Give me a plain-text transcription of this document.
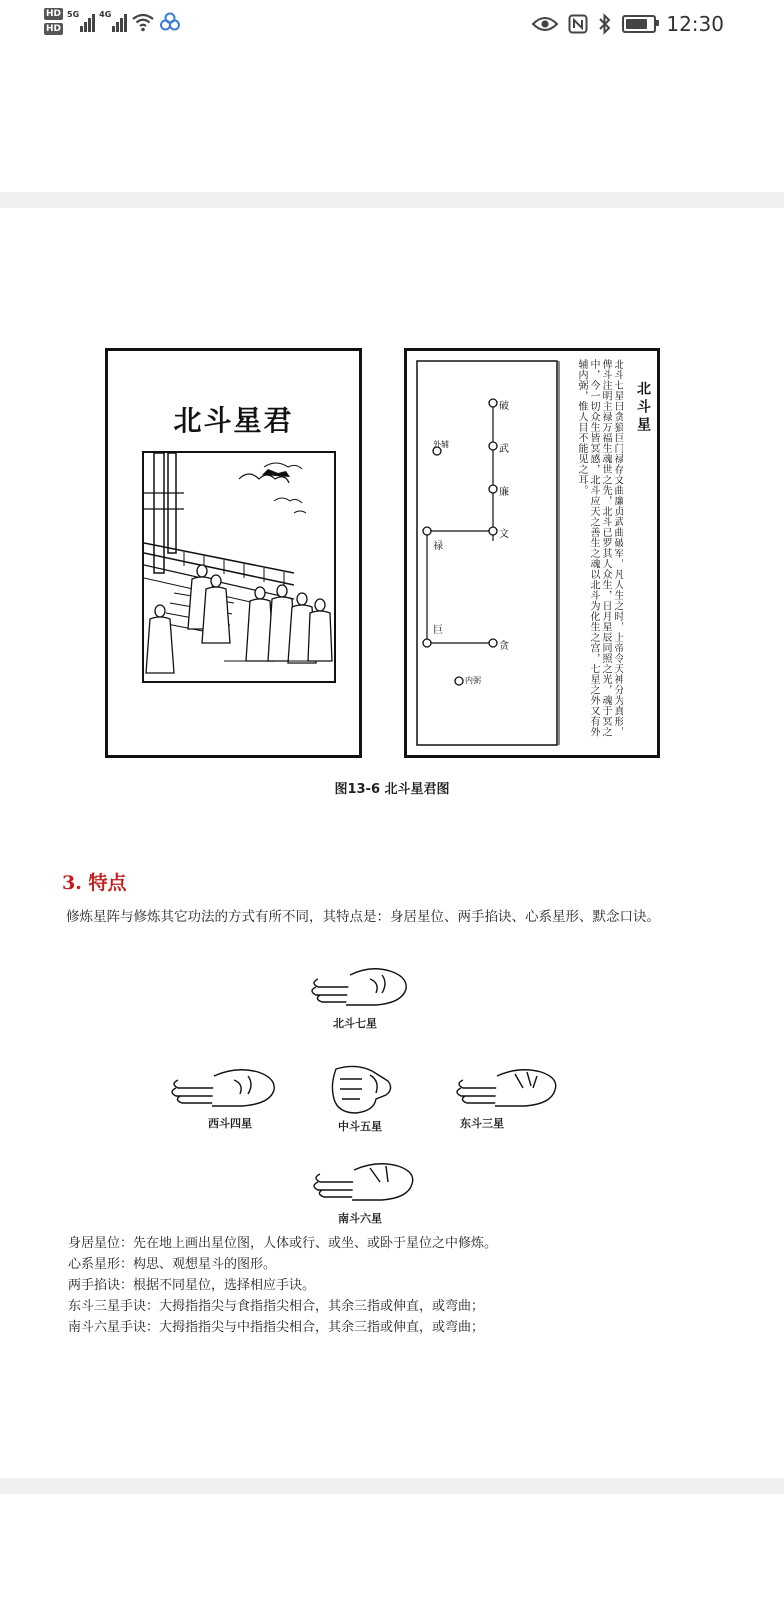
HD
HD
5G	4G	12:30
北斗星君	破
武
廉
文
禄
巨
贪
外辅
内弼
北斗星
北斗七星曰贪狼巨门禄存文曲廉贞武曲破军，凡人生之时，上帝令天神分为真形，俾斗注明主禄万福生魂世之先，北斗已罗其人众生，日月星辰同照之光，魂于冥之中，今一切众生皆冥感，北斗应天之善生之魂以北斗为化生之宫，七星之外又有外辅内弼，惟人目不能见之耳。
图13-6 北斗星君图
3. 特点
修炼星阵与修炼其它功法的方式有所不同，其特点是：身居星位、两手掐诀、心系星形、默念口诀。
北斗七星
西斗四星	中斗五星	东斗三星
南斗六星
身居星位：先在地上画出星位图，人体或行、或坐、或卧于星位之中修炼。
心系星形：构思、观想星斗的图形。
两手掐诀：根据不同星位，选择相应手诀。
东斗三星手诀：大拇指指尖与食指指尖相合，其余三指或伸直，或弯曲；
南斗六星手诀：大拇指指尖与中指指尖相合，其余三指或伸直，或弯曲；
